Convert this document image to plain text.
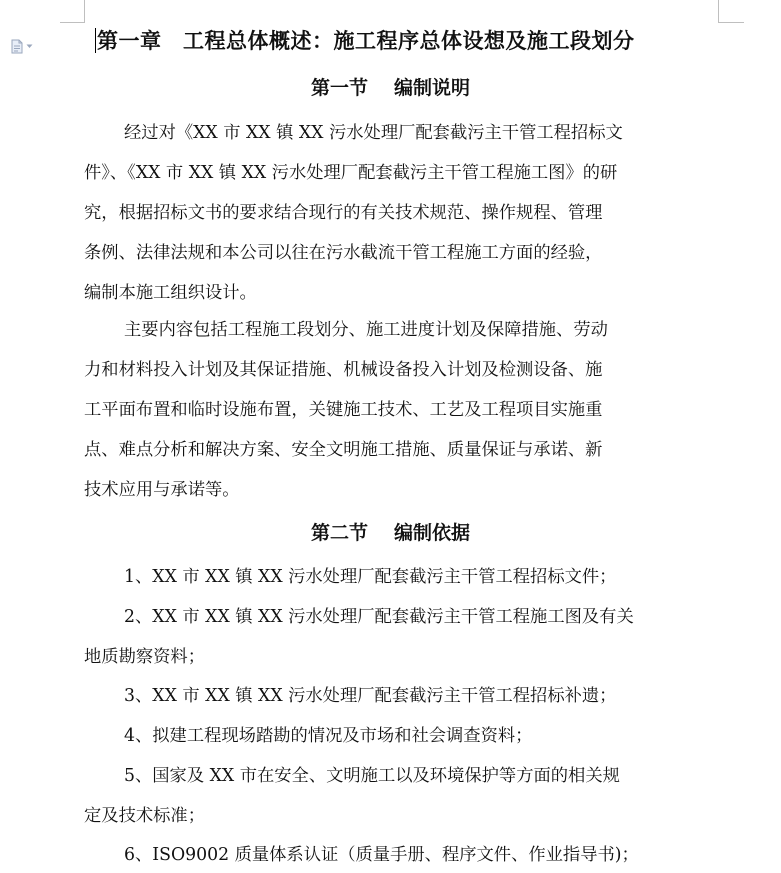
第一章　工程总体概述：施工程序总体设想及施工段划分
第一节 编制说明
经过对《XX 市 XX 镇 XX 污水处理厂配套截污主干管工程招标文
件》、《XX 市 XX 镇 XX 污水处理厂配套截污主干管工程施工图》的研
究，根据招标文书的要求结合现行的有关技术规范、操作规程、管理
条例、法律法规和本公司以往在污水截流干管工程施工方面的经验，
编制本施工组织设计。
主要内容包括工程施工段划分、施工进度计划及保障措施、劳动
力和材料投入计划及其保证措施、机械设备投入计划及检测设备、施
工平面布置和临时设施布置，关键施工技术、工艺及工程项目实施重
点、难点分析和解决方案、安全文明施工措施、质量保证与承诺、新
技术应用与承诺等。
第二节 编制依据
1、XX 市 XX 镇 XX 污水处理厂配套截污主干管工程招标文件；
2、XX 市 XX 镇 XX 污水处理厂配套截污主干管工程施工图及有关
地质勘察资料；
3、XX 市 XX 镇 XX 污水处理厂配套截污主干管工程招标补遗；
4、拟建工程现场踏勘的情况及市场和社会调查资料；
5、国家及 XX 市在安全、文明施工以及环境保护等方面的相关规
定及技术标准；
6、ISO9002 质量体系认证（质量手册、程序文件、作业指导书)；
